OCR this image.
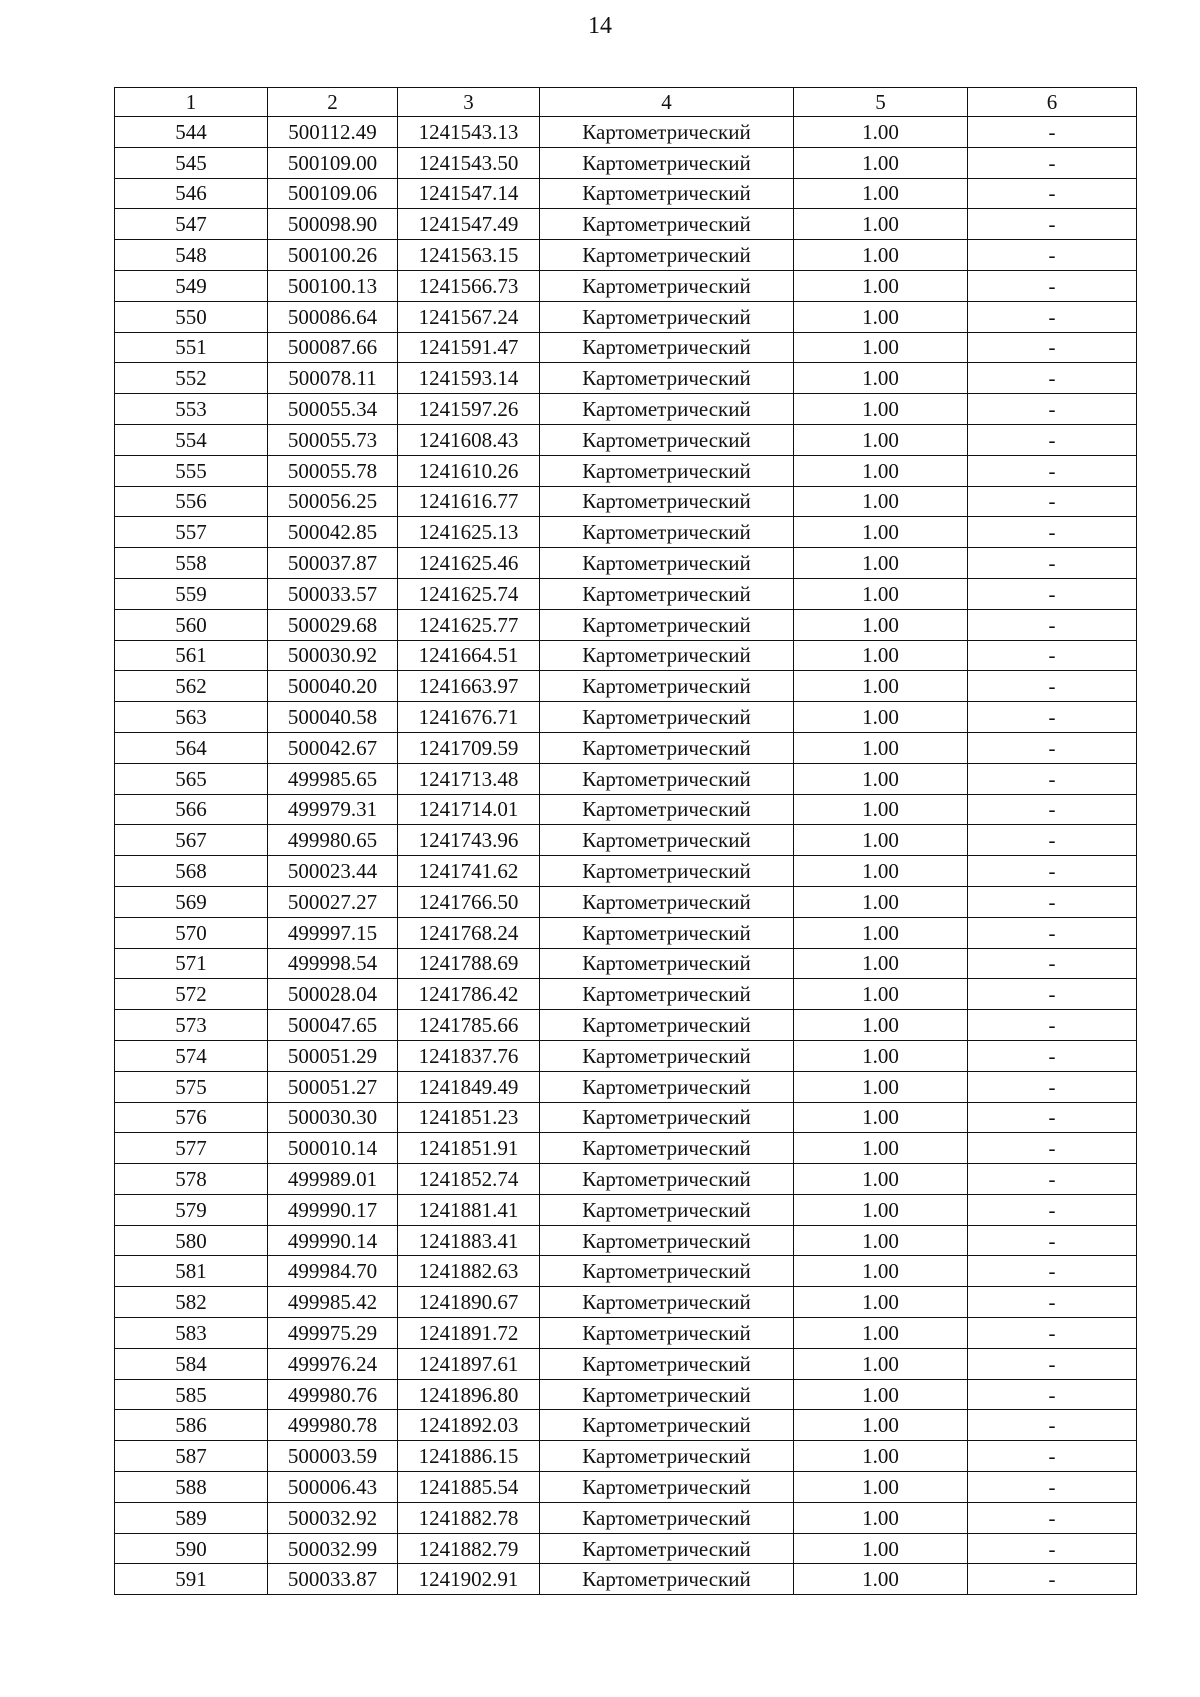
14
1	2	3	4	5	6
544	500112.49	1241543.13	Картометрический	1.00	-
545	500109.00	1241543.50	Картометрический	1.00	-
546	500109.06	1241547.14	Картометрический	1.00	-
547	500098.90	1241547.49	Картометрический	1.00	-
548	500100.26	1241563.15	Картометрический	1.00	-
549	500100.13	1241566.73	Картометрический	1.00	-
550	500086.64	1241567.24	Картометрический	1.00	-
551	500087.66	1241591.47	Картометрический	1.00	-
552	500078.11	1241593.14	Картометрический	1.00	-
553	500055.34	1241597.26	Картометрический	1.00	-
554	500055.73	1241608.43	Картометрический	1.00	-
555	500055.78	1241610.26	Картометрический	1.00	-
556	500056.25	1241616.77	Картометрический	1.00	-
557	500042.85	1241625.13	Картометрический	1.00	-
558	500037.87	1241625.46	Картометрический	1.00	-
559	500033.57	1241625.74	Картометрический	1.00	-
560	500029.68	1241625.77	Картометрический	1.00	-
561	500030.92	1241664.51	Картометрический	1.00	-
562	500040.20	1241663.97	Картометрический	1.00	-
563	500040.58	1241676.71	Картометрический	1.00	-
564	500042.67	1241709.59	Картометрический	1.00	-
565	499985.65	1241713.48	Картометрический	1.00	-
566	499979.31	1241714.01	Картометрический	1.00	-
567	499980.65	1241743.96	Картометрический	1.00	-
568	500023.44	1241741.62	Картометрический	1.00	-
569	500027.27	1241766.50	Картометрический	1.00	-
570	499997.15	1241768.24	Картометрический	1.00	-
571	499998.54	1241788.69	Картометрический	1.00	-
572	500028.04	1241786.42	Картометрический	1.00	-
573	500047.65	1241785.66	Картометрический	1.00	-
574	500051.29	1241837.76	Картометрический	1.00	-
575	500051.27	1241849.49	Картометрический	1.00	-
576	500030.30	1241851.23	Картометрический	1.00	-
577	500010.14	1241851.91	Картометрический	1.00	-
578	499989.01	1241852.74	Картометрический	1.00	-
579	499990.17	1241881.41	Картометрический	1.00	-
580	499990.14	1241883.41	Картометрический	1.00	-
581	499984.70	1241882.63	Картометрический	1.00	-
582	499985.42	1241890.67	Картометрический	1.00	-
583	499975.29	1241891.72	Картометрический	1.00	-
584	499976.24	1241897.61	Картометрический	1.00	-
585	499980.76	1241896.80	Картометрический	1.00	-
586	499980.78	1241892.03	Картометрический	1.00	-
587	500003.59	1241886.15	Картометрический	1.00	-
588	500006.43	1241885.54	Картометрический	1.00	-
589	500032.92	1241882.78	Картометрический	1.00	-
590	500032.99	1241882.79	Картометрический	1.00	-
591	500033.87	1241902.91	Картометрический	1.00	-
